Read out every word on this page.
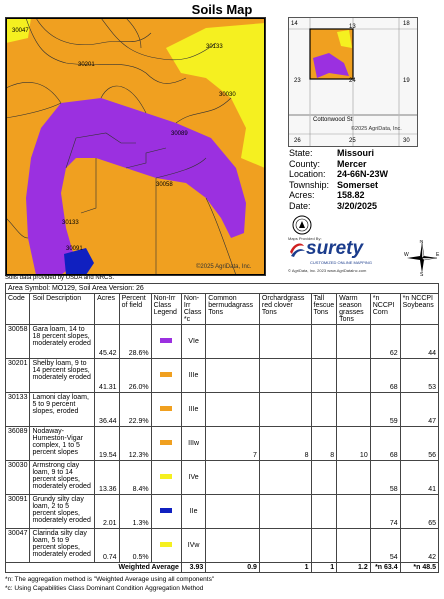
Soils Map
30047
30201
30133
30030
30089
30058
30133
30091
©2025 AgriData, Inc.
14	13	18
23	24	19
26	25	30
Cottonwood St
©2025 AgriData, Inc.
State:	Missouri
County:	Mercer
Location:	24-66N-23W
Township: Somerset
Acres:	158.82
Date:	3/20/2025
Maps Provided By:
surety
CUSTOMIZED ONLINE MAPPING
© AgriData, Inc. 2023 www.AgriDataInc.com
N
S
E
W
Soils data provided by USDA and NRCS.
Area Symbol: MO129, Soil Area Version: 26											
Code	Soil Description	Acres	Percent of field	Non-Irr Class Legend	Non-Irr Class *c	Common bermudagrass Tons	Orchardgrass red clover Tons	Tall fescue Tons	Warm season grasses Tons	*n NCCPI Corn	*n NCCPI Soybeans
30058	Gara loam, 14 to 18 percent slopes, moderately eroded	45.42	28.6%		VIe					62	44
30201	Shelby loam, 9 to 14 percent slopes, moderately eroded	41.31	26.0%		IIIe					68	53
30133	Lamoni clay loam, 5 to 9 percent slopes, eroded	36.44	22.9%		IIIe					59	47
36089	Nodaway-Humeston-Vigar complex, 1 to 5 percent slopes	19.54	12.3%		IIIw	7	8	8	10	68	56
30030	Armstrong clay loam, 9 to 14 percent slopes, moderately eroded	13.36	8.4%		IVe					58	41
30091	Grundy silty clay loam, 2 to 5 percent slopes, moderately eroded	2.01	1.3%		IIe					74	65
30047	Clarinda silty clay loam, 5 to 9 percent slopes, moderately eroded	0.74	0.5%		IVw					54	42
Weighted Average					3.93	0.9	1	1	1.2	*n 63.4	*n 48.5
*n: The aggregation method is "Weighted Average using all components"
*c: Using Capabilities Class Dominant Condition Aggregation Method
